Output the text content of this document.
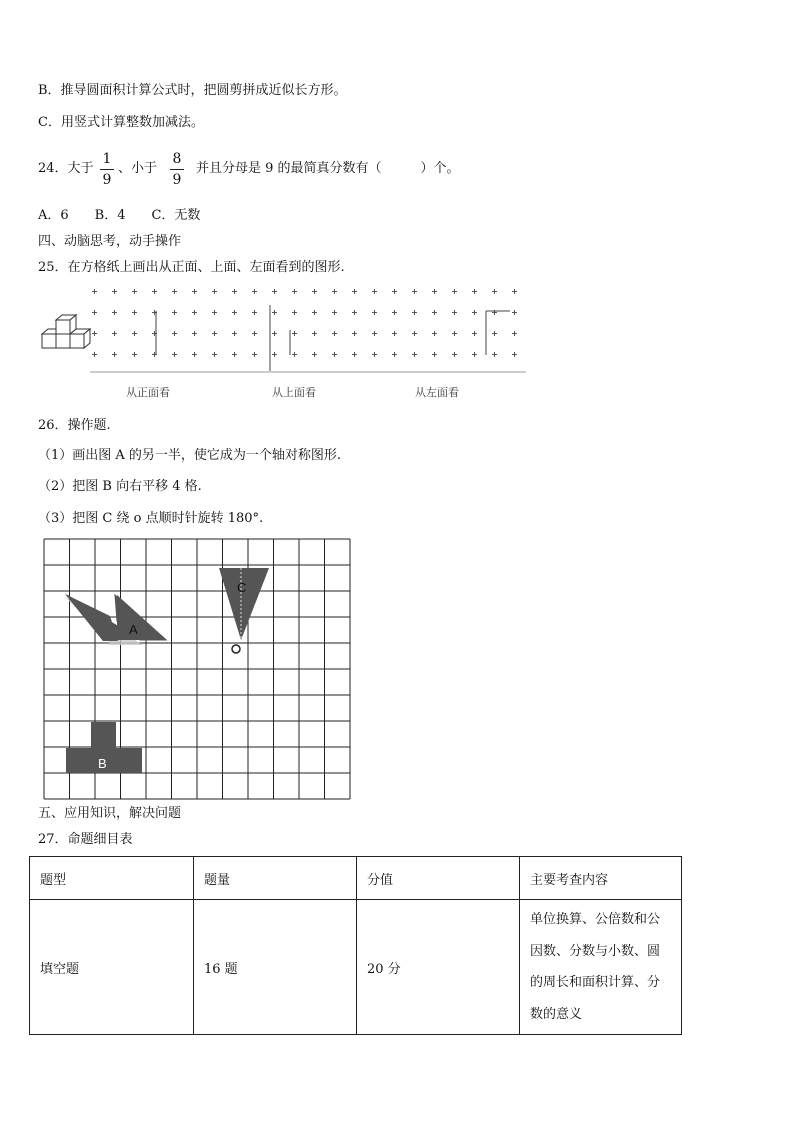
B．推导圆面积计算公式时，把圆剪拼成近似长方形。
C．用竖式计算整数加减法。
24．大于
1
9
、小于
8
9
并且分母是 9 的最简真分数有（　　　）个。
A．6　　B．4　　C．无数
四、动脑思考，动手操作
25．在方格纸上画出从正面、上面、左面看到的图形.
从正面看	从上面看	从左面看
26．操作题.
（1）画出图 A 的另一半，使它成为一个轴对称图形.
（2）把图 B 向右平移 4 格.
（3）把图 C 绕 o 点顺时针旋转 180°.
A
C
B
五、应用知识，解决问题
27．命题细目表
题型	题量	分值	主要考查内容
填空题	16 题	20 分	单位换算、公倍数和公
因数、分数与小数、圆
的周长和面积计算、分
数的意义
